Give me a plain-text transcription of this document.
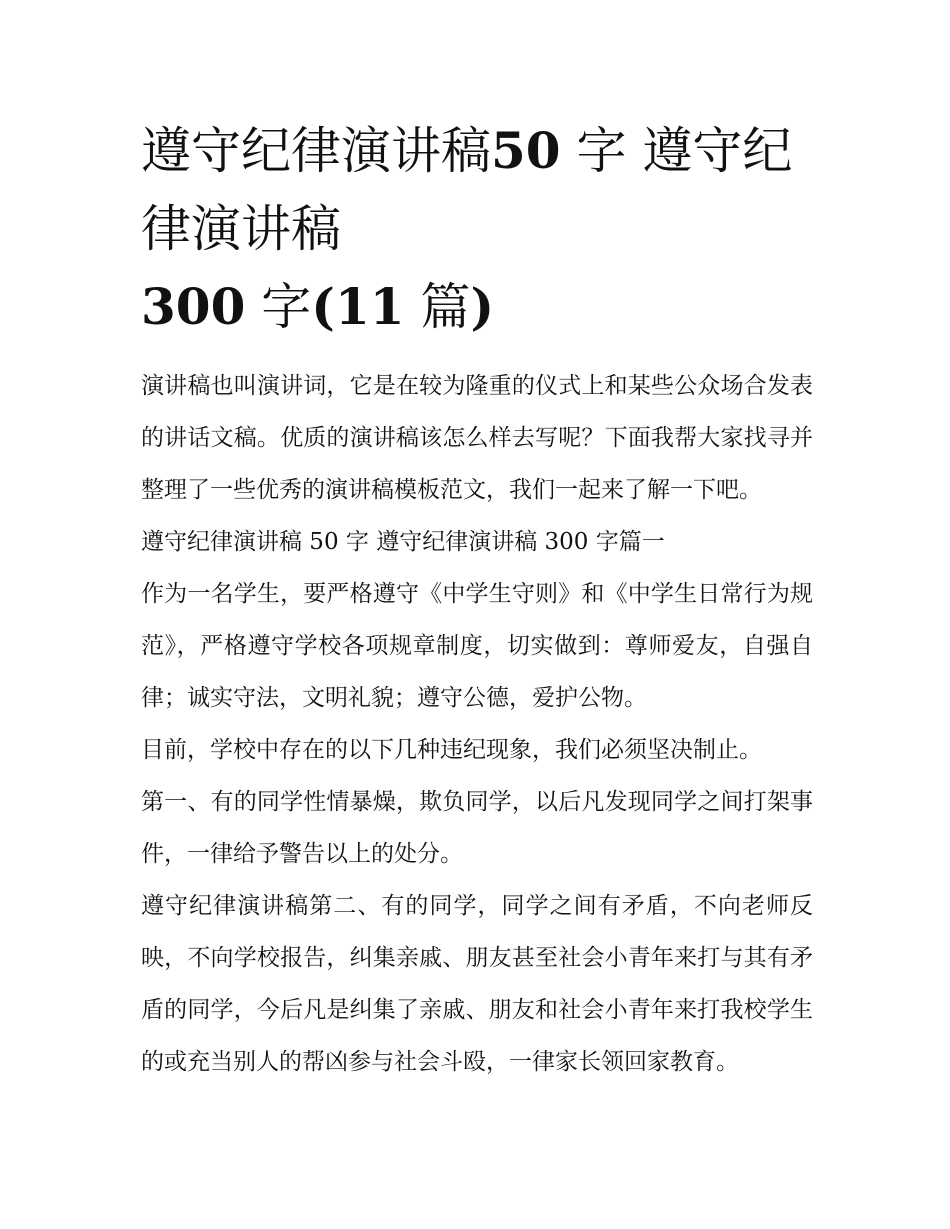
遵守纪律演讲稿50 字 遵守纪律演讲稿
300 字(11 篇)

演讲稿也叫演讲词，它是在较为隆重的仪式上和某些公众场合发表的讲话文稿。优质的演讲稿该怎么样去写呢？下面我帮大家找寻并整理了一些优秀的演讲稿模板范文，我们一起来了解一下吧。

遵守纪律演讲稿 50 字 遵守纪律演讲稿 300 字篇一

作为一名学生，要严格遵守《中学生守则》和《中学生日常行为规范》，严格遵守学校各项规章制度，切实做到：尊师爱友，自强自律；诚实守法，文明礼貌；遵守公德，爱护公物。

目前，学校中存在的以下几种违纪现象，我们必须坚决制止。

第一、有的同学性情暴燥，欺负同学，以后凡发现同学之间打架事件，一律给予警告以上的处分。

遵守纪律演讲稿第二、有的同学，同学之间有矛盾，不向老师反映，不向学校报告，纠集亲戚、朋友甚至社会小青年来打与其有矛盾的同学，今后凡是纠集了亲戚、朋友和社会小青年来打我校学生的或充当别人的帮凶参与社会斗殴，一律家长领回家教育。
